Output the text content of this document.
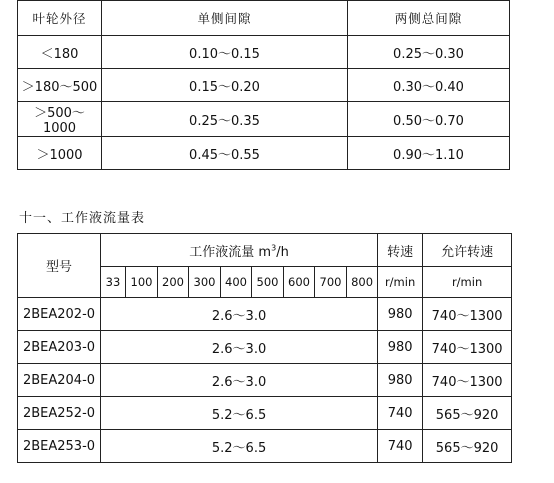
叶轮外径	单侧间隙	两侧总间隙
＜180	0.10～0.15	0.25～0.30
＞180～500	0.15～0.20	0.30～0.40
＞500～1000	0.25～0.35	0.50～0.70
＞1000	0.45～0.55	0.90～1.10
十一、工作液流量表
型号	工作液流量 $m^3/h$									转速	允许转速
	33	100	200	300	400	500	600	700	800	r/min	r/min
2BEA202-0	2.6～3.0									980	740～1300
2BEA203-0	2.6～3.0									980	740～1300
2BEA204-0	2.6～3.0									980	740～1300
2BEA252-0	5.2～6.5									740	565～920
2BEA253-0	5.2～6.5									740	565～920
